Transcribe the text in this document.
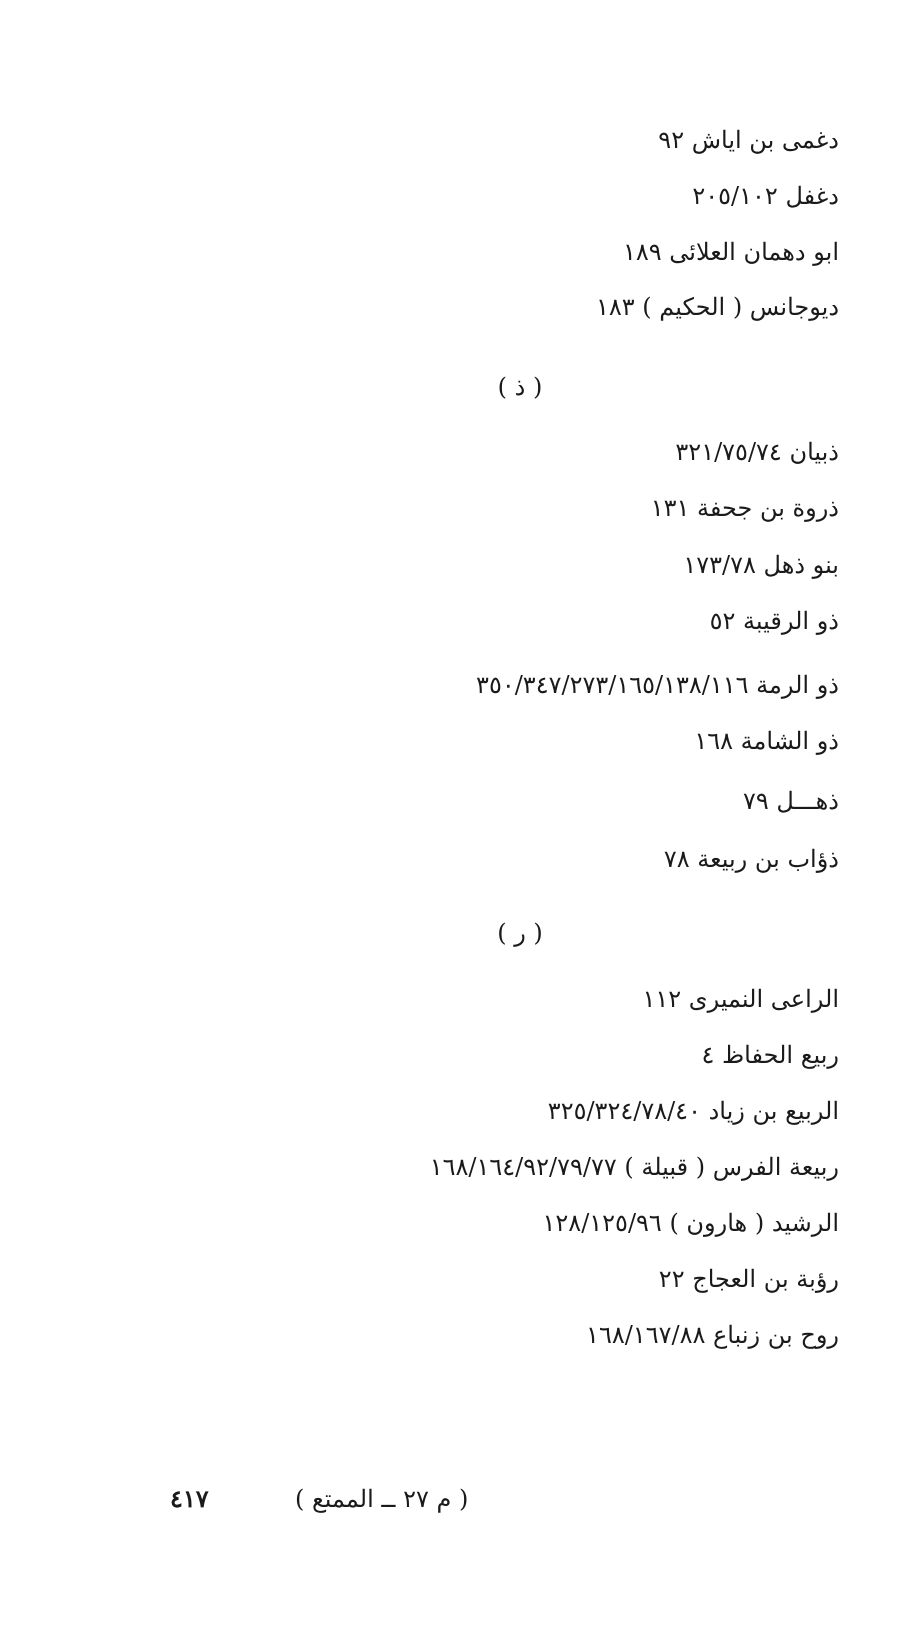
دغمى بن اياش ٩٢
دغفل ٢٠٥/١٠٢
ابو دهمان العلائى ١٨٩
ديوجانس ( الحكيم ) ١٨٣
( ذ )
ذبيان ٣٢١/٧٥/٧٤
ذروة بن جحفة ١٣١
بنو ذهل ١٧٣/٧٨
ذو الرقيبة ٥٢
ذو الرمة ٣٥٠/٣٤٧/٢٧٣/١٦٥/١٣٨/١١٦
ذو الشامة ١٦٨
ذهـــل ٧٩
ذؤاب بن ربيعة ٧٨
( ر )
الراعى النميرى ١١٢
ربيع الحفاظ ٤
الربيع بن زياد ٣٢٥/٣٢٤/٧٨/٤٠
ربيعة الفرس ( قبيلة ) ١٦٨/١٦٤/٩٢/٧٩/٧٧
الرشيد ( هارون ) ١٢٨/١٢٥/٩٦
رؤبة بن العجاج ٢٢
روح بن زنباع ١٦٨/١٦٧/٨٨
( م ٢٧ ــ الممتع )
٤١٧
